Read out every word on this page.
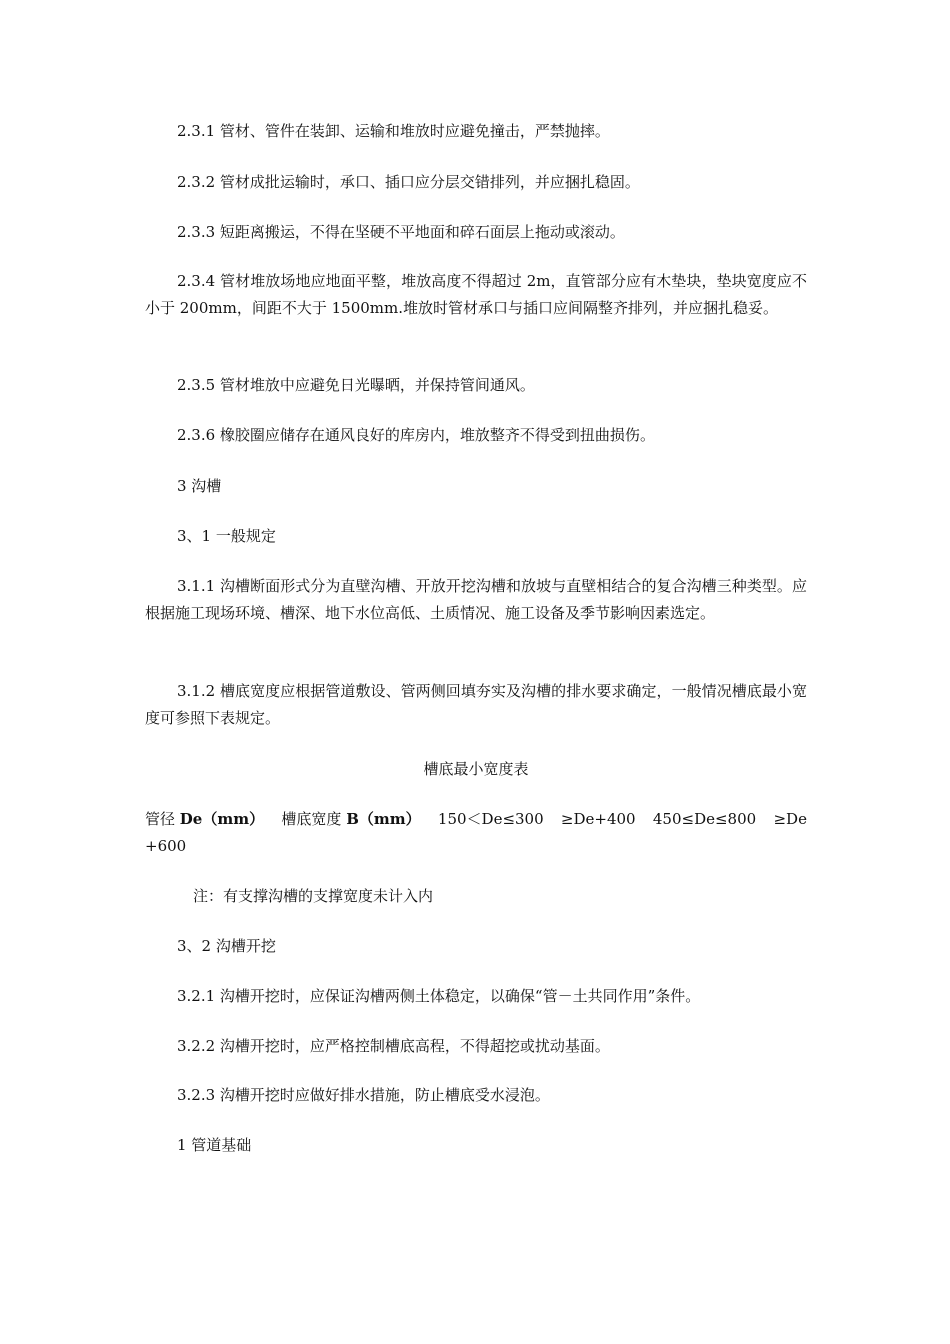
2.3.1 管材、管件在装卸、运输和堆放时应避免撞击，严禁抛摔。
2.3.2 管材成批运输时，承口、插口应分层交错排列，并应捆扎稳固。
2.3.3 短距离搬运，不得在坚硬不平地面和碎石面层上拖动或滚动。
2.3.4 管材堆放场地应地面平整，堆放高度不得超过 2m，直管部分应有木垫块，垫块宽度应不小于 200mm，间距不大于 1500mm.堆放时管材承口与插口应间隔整齐排列，并应捆扎稳妥。
2.3.5 管材堆放中应避免日光曝晒，并保持管间通风。
2.3.6 橡胶圈应储存在通风良好的库房内，堆放整齐不得受到扭曲损伤。
3 沟槽
3、1 一般规定
3.1.1 沟槽断面形式分为直壁沟槽、开放开挖沟槽和放坡与直壁相结合的复合沟槽三种类型。应根据施工现场环境、槽深、地下水位高低、土质情况、施工设备及季节影响因素选定。
3.1.2 槽底宽度应根据管道敷设、管两侧回填夯实及沟槽的排水要求确定，一般情况槽底最小宽度可参照下表规定。
槽底最小宽度表
管径 De（mm） 槽底宽度 B（mm） 150＜De≤300 ≥De+400 450≤De≤800 ≥De
+600
注：有支撑沟槽的支撑宽度未计入内
3、2 沟槽开挖
3.2.1 沟槽开挖时，应保证沟槽两侧土体稳定，以确保“管－土共同作用”条件。
3.2.2 沟槽开挖时，应严格控制槽底高程，不得超挖或扰动基面。
3.2.3 沟槽开挖时应做好排水措施，防止槽底受水浸泡。
1 管道基础
